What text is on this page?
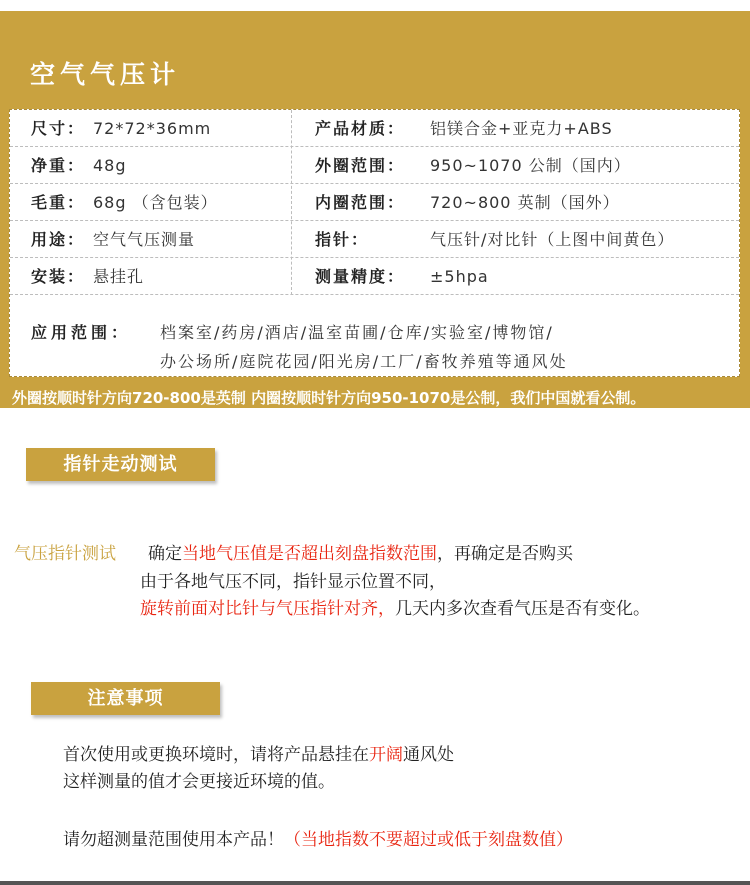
空气气压计
尺寸： 72*72*36mm	产品材质： 铝镁合金+亚克力+ABS
净重： 48g	外圈范围： 950~1070 公制（国内）
毛重： 68g （含包装）	内圈范围： 720~800 英制（国外）
用途： 空气气压测量	指针：	气压针/对比针（上图中间黄色）
安装： 悬挂孔	测量精度： ±5hpa
应用范围： 档案室/药房/酒店/温室苗圃/仓库/实验室/博物馆/
办公场所/庭院花园/阳光房/工厂/畜牧养殖等通风处
外圈按顺时针方向720-800是英制 内圈按顺时针方向950-1070是公制，我们中国就看公制。
指针走动测试
气压指针测试 确定当地气压值是否超出刻盘指数范围，再确定是否购买
由于各地气压不同，指针显示位置不同，
旋转前面对比针与气压指针对齐，几天内多次查看气压是否有变化。
注意事项
首次使用或更换环境时，请将产品悬挂在开阔通风处
这样测量的值才会更接近环境的值。
请勿超测量范围使用本产品！（当地指数不要超过或低于刻盘数值）
